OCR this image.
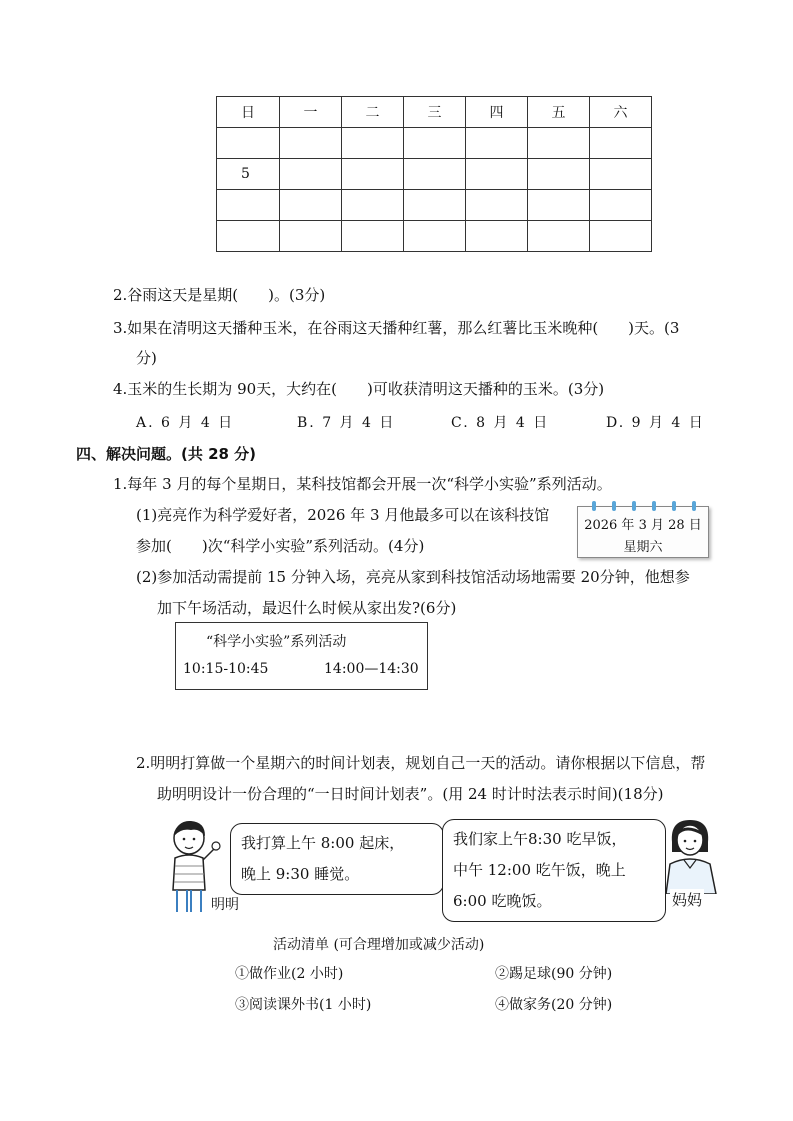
日	一	二	三	四	五	六

5						

2.谷雨这天是星期(　　)。(3分)
3.如果在清明这天播种玉米，在谷雨这天播种红薯，那么红薯比玉米晚种(　　)天。(3
分)
4.玉米的生长期为 90天，大约在(　　)可收获清明这天播种的玉米。(3分)
A. 6 月 4 日	B. 7 月 4 日	C. 8 月 4 日	D. 9 月 4 日
四、解决问题。(共 28 分)
1.每年 3 月的每个星期日，某科技馆都会开展一次“科学小实验”系列活动。
(1)亮亮作为科学爱好者，2026 年 3 月他最多可以在该科技馆
参加(　　)次“科学小实验”系列活动。(4分)
2026 年 3 月 28 日
星期六
(2)参加活动需提前 15 分钟入场，亮亮从家到科技馆活动场地需要 20分钟，他想参
加下午场活动，最迟什么时候从家出发?(6分)
“科学小实验”系列活动
10:15-10:45	14:00—14:30
2.明明打算做一个星期六的时间计划表，规划自己一天的活动。请你根据以下信息，帮
助明明设计一份合理的“一日时间计划表”。(用 24 时计时法表示时间)(18分)
明明
我打算上午 8:00 起床，
晚上 9:30 睡觉。
我们家上午8:30 吃早饭，
中午 12:00 吃午饭，晚上
6:00 吃晚饭。	妈妈
活动清单 (可合理增加或减少活动)
①做作业(2 小时)	②踢足球(90 分钟)
③阅读课外书(1 小时)	④做家务(20 分钟)
